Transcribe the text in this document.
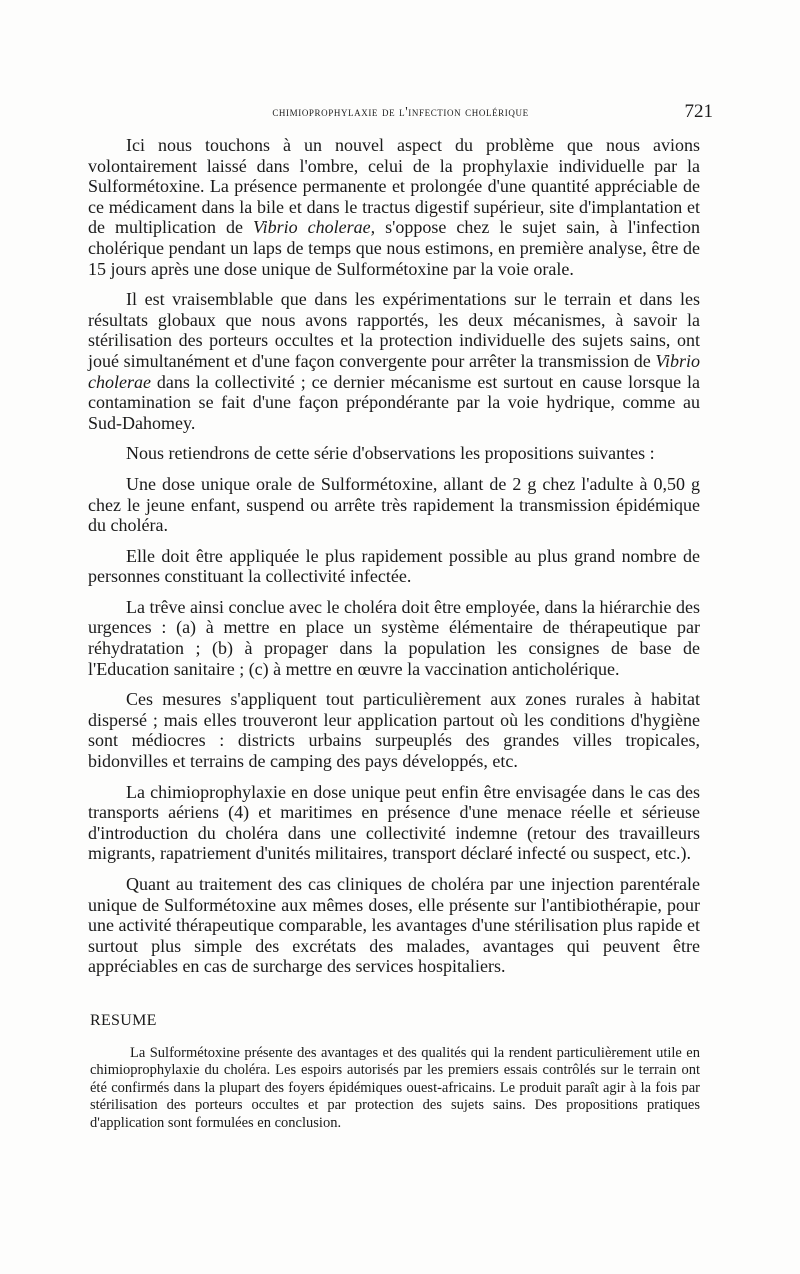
chimioprophylaxie de l'infection cholérique	721

Ici nous touchons à un nouvel aspect du problème que nous avions volontairement laissé dans l'ombre, celui de la prophylaxie individuelle par la Sulformétoxine. La présence permanente et prolongée d'une quantité appréciable de ce médicament dans la bile et dans le tractus digestif supérieur, site d'implantation et de multiplication de Vibrio cholerae, s'oppose chez le sujet sain, à l'infection cholérique pendant un laps de temps que nous estimons, en première analyse, être de 15 jours après une dose unique de Sulformétoxine par la voie orale.

Il est vraisemblable que dans les expérimentations sur le terrain et dans les résultats globaux que nous avons rapportés, les deux mécanismes, à savoir la stérilisation des porteurs occultes et la protection individuelle des sujets sains, ont joué simultanément et d'une façon convergente pour arrêter la transmission de Vibrio cholerae dans la collectivité ; ce dernier mécanisme est surtout en cause lorsque la contamination se fait d'une façon prépondérante par la voie hydrique, comme au Sud-Dahomey.

Nous retiendrons de cette série d'observations les propositions suivantes :

Une dose unique orale de Sulformétoxine, allant de 2 g chez l'adulte à 0,50 g chez le jeune enfant, suspend ou arrête très rapidement la transmission épidémique du choléra.

Elle doit être appliquée le plus rapidement possible au plus grand nombre de personnes constituant la collectivité infectée.

La trêve ainsi conclue avec le choléra doit être employée, dans la hiérarchie des urgences : (a) à mettre en place un système élémentaire de thérapeutique par réhydratation ; (b) à propager dans la population les consignes de base de l'Education sanitaire ; (c) à mettre en œuvre la vaccination anticholérique.

Ces mesures s'appliquent tout particulièrement aux zones rurales à habitat dispersé ; mais elles trouveront leur application partout où les conditions d'hygiène sont médiocres : districts urbains surpeuplés des grandes villes tropicales, bidonvilles et terrains de camping des pays développés, etc.

La chimioprophylaxie en dose unique peut enfin être envisagée dans le cas des transports aériens (4) et maritimes en présence d'une menace réelle et sérieuse d'introduction du choléra dans une collectivité indemne (retour des travailleurs migrants, rapatriement d'unités militaires, transport déclaré infecté ou suspect, etc.).

Quant au traitement des cas cliniques de choléra par une injection parentérale unique de Sulformétoxine aux mêmes doses, elle présente sur l'antibiothérapie, pour une activité thérapeutique comparable, les avantages d'une stérilisation plus rapide et surtout plus simple des excrétats des malades, avantages qui peuvent être appréciables en cas de surcharge des services hospitaliers.

RESUME

La Sulformétoxine présente des avantages et des qualités qui la rendent particulièrement utile en chimioprophylaxie du choléra. Les espoirs autorisés par les premiers essais contrôlés sur le terrain ont été confirmés dans la plupart des foyers épidémiques ouest-africains. Le produit paraît agir à la fois par stérilisation des porteurs occultes et par protection des sujets sains. Des propositions pratiques d'application sont formulées en conclusion.
